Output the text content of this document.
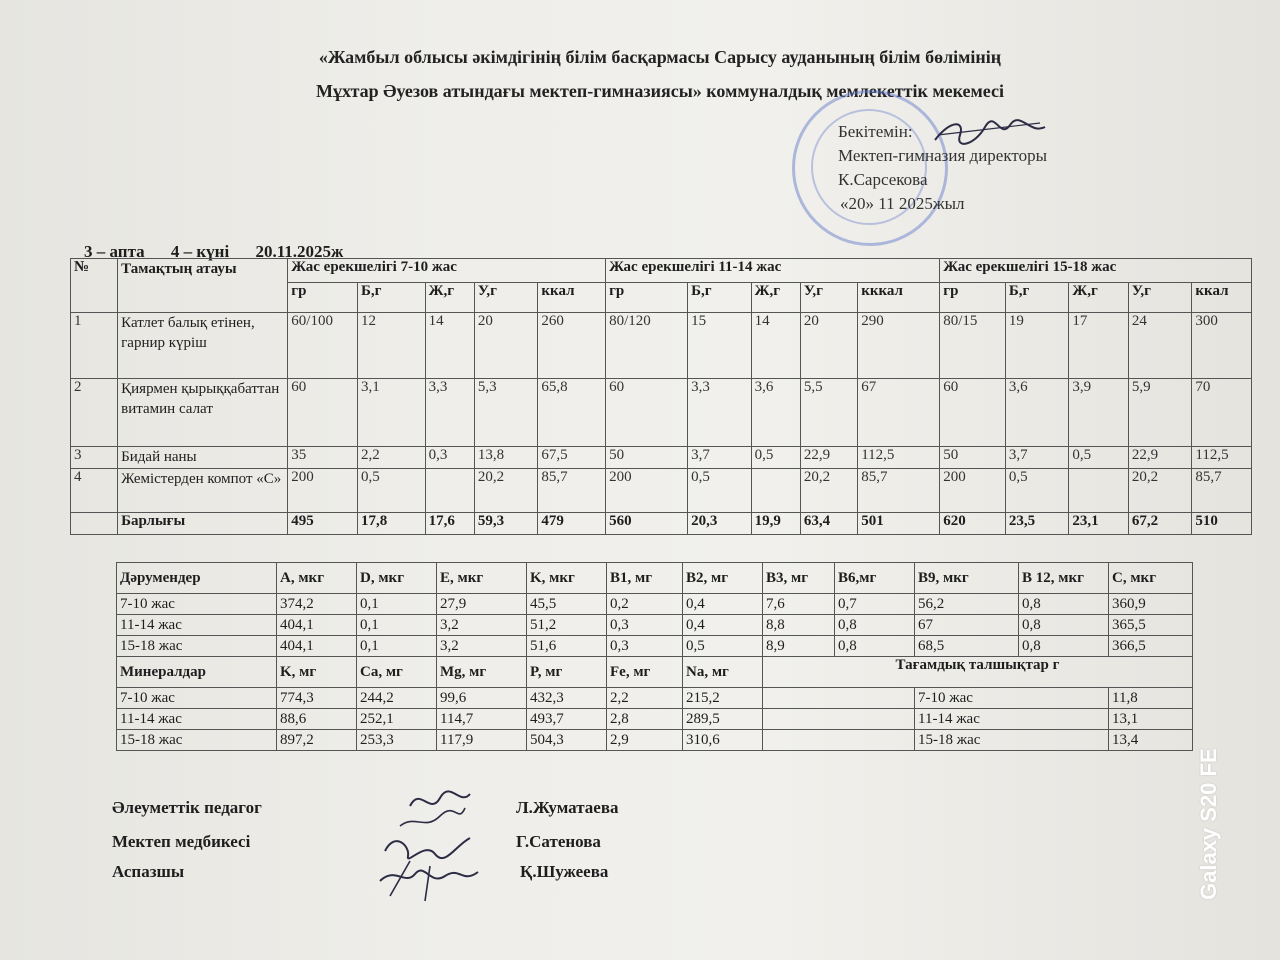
«Жамбыл облысы әкімдігінің білім басқармасы Сарысу ауданының білім бөлімінің
Мұхтар Әуезов атындағы мектеп-гимназиясы» коммуналдық мемлекеттік мекемесі
Бекітемін:
Мектеп-гимназия директоры
К.Сарсекова
«20» 11 2025жыл
3 – апта 4 – күні 20.11.2025ж
№	Тамақтың атауы	Жас ерекшелігі 7-10 жас					Жас ерекшелігі 11-14 жас					Жас ерекшелігі 15-18 жас				
		гр	Б,г	Ж,г	У,г	ккал	гр	Б,г	Ж,г	У,г	кккал	гр	Б,г	Ж,г	У,г	ккал
1	Катлет балық етінен, гарнир күріш	60/100	12	14	20	260	80/120	15	14	20	290	80/15	19	17	24	300
2	Қиярмен қырыққабаттан витамин салат	60	3,1	3,3	5,3	65,8	60	3,3	3,6	5,5	67	60	3,6	3,9	5,9	70
3	Бидай наны	35	2,2	0,3	13,8	67,5	50	3,7	0,5	22,9	112,5	50	3,7	0,5	22,9	112,5
4	Жемістерден компот «С»	200	0,5		20,2	85,7	200	0,5		20,2	85,7	200	0,5		20,2	85,7
	Барлығы	495	17,8	17,6	59,3	479	560	20,3	19,9	63,4	501	620	23,5	23,1	67,2	510
Дәрумендер	А, мкг	D, мкг	E, мкг	K, мкг	B1, мг	B2, мг	B3, мг	B6,мг	B9, мкг	B 12, мкг	C, мкг
7-10 жас	374,2	0,1	27,9	45,5	0,2	0,4	7,6	0,7	56,2	0,8	360,9
11-14 жас	404,1	0,1	3,2	51,2	0,3	0,4	8,8	0,8	67	0,8	365,5
15-18 жас	404,1	0,1	3,2	51,6	0,3	0,5	8,9	0,8	68,5	0,8	366,5
Минералдар	K, мг	Ca, мг	Mg, мг	P, мг	Fe, мг	Na, мг	Тағамдық талшықтар г				
7-10 жас	774,3	244,2	99,6	432,3	2,2	215,2			7-10 жас		11,8
11-14 жас	88,6	252,1	114,7	493,7	2,8	289,5			11-14 жас		13,1
15-18 жас	897,2	253,3	117,9	504,3	2,9	310,6			15-18 жас		13,4
Әлеуметтік педагог	Л.Жуматаева
Мектеп медбикесі	Г.Сатенова
Аспазшы	Қ.Шужеева	Galaxy S20 FE
